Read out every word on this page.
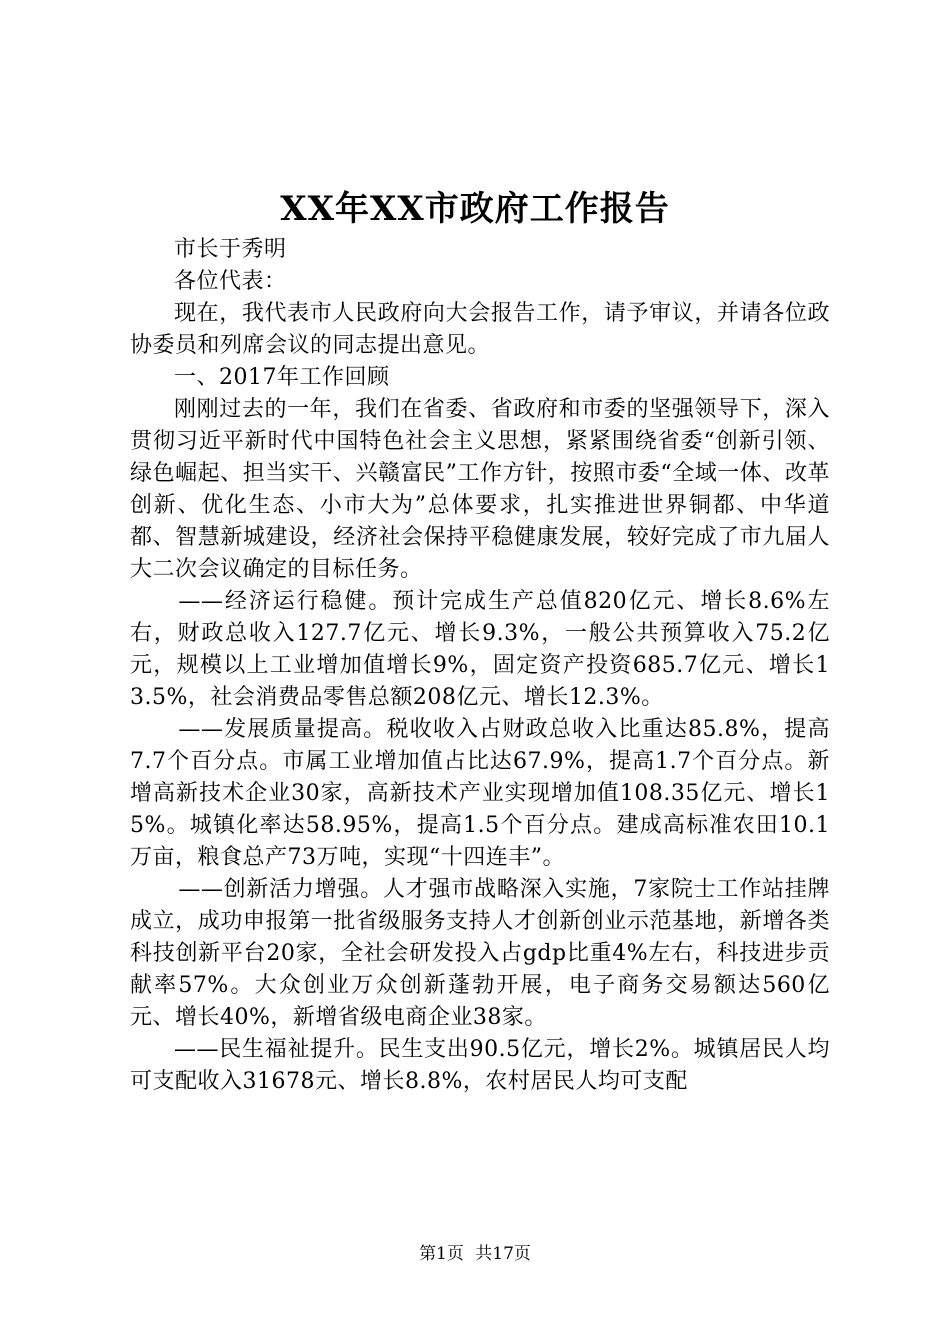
XX年XX市政府工作报告

市长于秀明

各位代表：

现在，我代表市人民政府向大会报告工作，请予审议，并请各位政协委员和列席会议的同志提出意见。

一、2017年工作回顾

刚刚过去的一年，我们在省委、省政府和市委的坚强领导下，深入贯彻习近平新时代中国特色社会主义思想，紧紧围绕省委“创新引领、绿色崛起、担当实干、兴赣富民”工作方针，按照市委“全域一体、改革创新、优化生态、小市大为”总体要求，扎实推进世界铜都、中华道都、智慧新城建设，经济社会保持平稳健康发展，较好完成了市九届人大二次会议确定的目标任务。

——经济运行稳健。预计完成生产总值820亿元、增长8.6%左右，财政总收入127.7亿元、增长9.3%，一般公共预算收入75.2亿元，规模以上工业增加值增长9%，固定资产投资685.7亿元、增长13.5%，社会消费品零售总额208亿元、增长12.3%。

——发展质量提高。税收收入占财政总收入比重达85.8%，提高7.7个百分点。市属工业增加值占比达67.9%，提高1.7个百分点。新增高新技术企业30家，高新技术产业实现增加值108.35亿元、增长15%。城镇化率达58.95%，提高1.5个百分点。建成高标准农田10.1万亩，粮食总产73万吨，实现“十四连丰”。

——创新活力增强。人才强市战略深入实施，7家院士工作站挂牌成立，成功申报第一批省级服务支持人才创新创业示范基地，新增各类科技创新平台20家，全社会研发投入占gdp比重4%左右，科技进步贡献率57%。大众创业万众创新蓬勃开展，电子商务交易额达560亿元、增长40%，新增省级电商企业38家。

——民生福祉提升。民生支出90.5亿元，增长2%。城镇居民人均可支配收入31678元、增长8.8%，农村居民人均可支配

第1页 共17页
